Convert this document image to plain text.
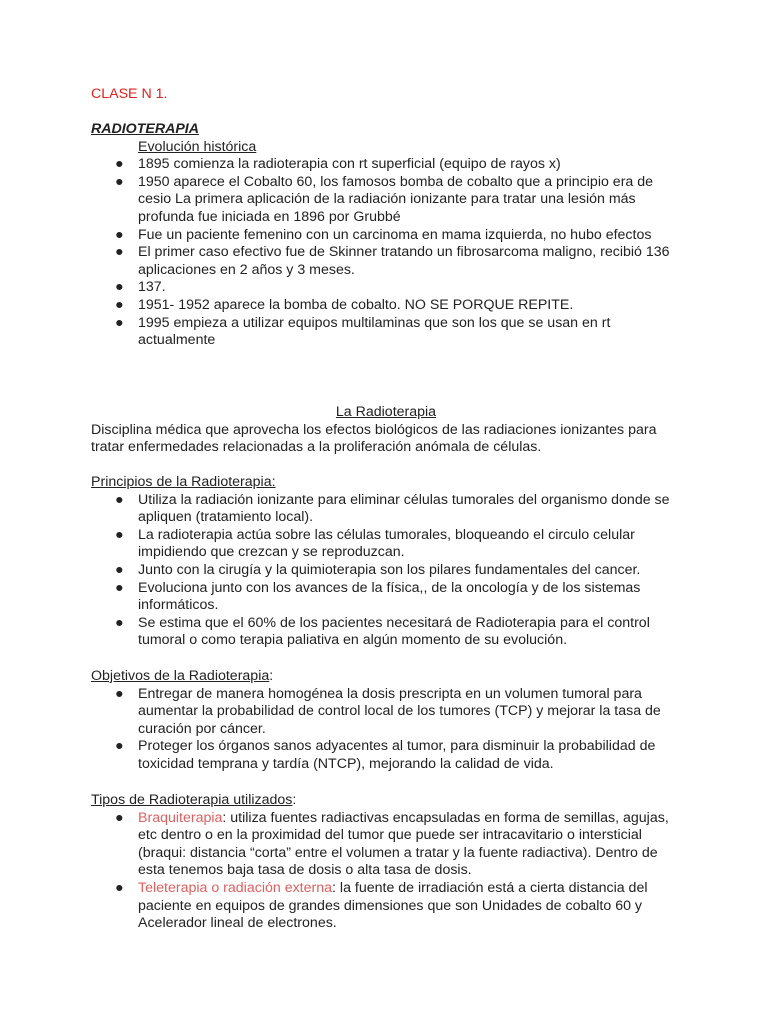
CLASE N 1.

RADIOTERAPIA

Evolución histórica

● 1895 comienza la radioterapia con rt superficial (equipo de rayos x)
● 1950 aparece el Cobalto 60, los famosos bomba de cobalto que a principio era de cesio La primera aplicación de la radiación ionizante para tratar una lesión más profunda fue iniciada en 1896 por Grubbé
● Fue un paciente femenino con un carcinoma en mama izquierda, no hubo efectos
● El primer caso efectivo fue de Skinner tratando un fibrosarcoma maligno, recibió 136 aplicaciones en 2 años y 3 meses.
● 137.
● 1951- 1952 aparece la bomba de cobalto. NO SE PORQUE REPITE.
● 1995 empieza a utilizar equipos multilaminas que son los que se usan en rt actualmente

La Radioterapia

Disciplina médica que aprovecha los efectos biológicos de las radiaciones ionizantes para tratar enfermedades relacionadas a la proliferación anómala de células.

Principios de la Radioterapia:

● Utiliza la radiación ionizante para eliminar células tumorales del organismo donde se apliquen (tratamiento local).
● La radioterapia actúa sobre las células tumorales, bloqueando el circulo celular impidiendo que crezcan y se reproduzcan.
● Junto con la cirugía y la quimioterapia son los pilares fundamentales del cancer.
● Evoluciona junto con los avances de la física,, de la oncología y de los sistemas informáticos.
● Se estima que el 60% de los pacientes necesitará de Radioterapia para el control tumoral o como terapia paliativa en algún momento de su evolución.

Objetivos de la Radioterapia:

● Entregar de manera homogénea la dosis prescripta en un volumen tumoral para aumentar la probabilidad de control local de los tumores (TCP) y mejorar la tasa de curación por cáncer.
● Proteger los órganos sanos adyacentes al tumor, para disminuir la probabilidad de toxicidad temprana y tardía (NTCP), mejorando la calidad de vida.

Tipos de Radioterapia utilizados:

● Braquiterapia: utiliza fuentes radiactivas encapsuladas en forma de semillas, agujas, etc dentro o en la proximidad del tumor que puede ser intracavitario o intersticial (braqui: distancia “corta” entre el volumen a tratar y la fuente radiactiva). Dentro de esta tenemos baja tasa de dosis o alta tasa de dosis.
● Teleterapia o radiación externa: la fuente de irradiación está a cierta distancia del paciente en equipos de grandes dimensiones que son Unidades de cobalto 60 y Acelerador lineal de electrones.
